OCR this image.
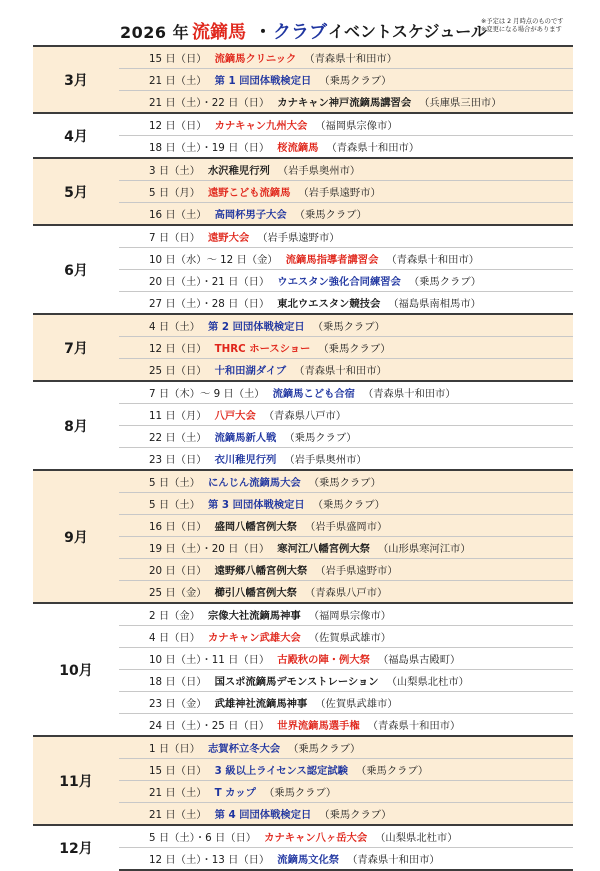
2026 年 流鏑馬 ・ クラブ イベントスケジュール
※予定は 2 月時点のものです
※変更になる場合があります
3月	15 日（日） 流鏑馬クリニック （青森県十和田市）
	21 日（土） 第 1 回団体戦検定日 （乗馬クラブ）
	21 日（土）・22 日（日） カナキャン神戸流鏑馬講習会 （兵庫県三田市）
4月	12 日（日） カナキャン九州大会 （福岡県宗像市）
	18 日（土）・19 日（日） 桜流鏑馬 （青森県十和田市）
5月	3 日（土） 水沢稚児行列 （岩手県奥州市）
	5 日（月） 遠野こども流鏑馬 （岩手県遠野市）
	16 日（土） 高岡杯男子大会 （乗馬クラブ）
6月	7 日（日） 遠野大会 （岩手県遠野市）
	10 日（水）～ 12 日（金） 流鏑馬指導者講習会 （青森県十和田市）
	20 日（土）・21 日（日） ウエスタン強化合同練習会 （乗馬クラブ）
	27 日（土）・28 日（日） 東北ウエスタン競技会 （福島県南相馬市）
7月	4 日（土） 第 2 回団体戦検定日 （乗馬クラブ）
	12 日（日） THRC ホースショー （乗馬クラブ）
	25 日（日） 十和田湖ダイブ （青森県十和田市）
8月	7 日（木）～ 9 日（土） 流鏑馬こども合宿 （青森県十和田市）
	11 日（月） 八戸大会 （青森県八戸市）
	22 日（土） 流鏑馬新人戦 （乗馬クラブ）
	23 日（日） 衣川稚児行列 （岩手県奥州市）
9月	5 日（土） にんじん流鏑馬大会 （乗馬クラブ）
	5 日（土） 第 3 回団体戦検定日 （乗馬クラブ）
	16 日（日） 盛岡八幡宮例大祭 （岩手県盛岡市）
	19 日（土）・20 日（日） 寒河江八幡宮例大祭 （山形県寒河江市）
	20 日（日） 遠野郷八幡宮例大祭 （岩手県遠野市）
	25 日（金） 櫛引八幡宮例大祭 （青森県八戸市）
10月	2 日（金） 宗像大社流鏑馬神事 （福岡県宗像市）
	4 日（日） カナキャン武雄大会 （佐賀県武雄市）
	10 日（土）・11 日（日） 古殿秋の陣・例大祭 （福島県古殿町）
	18 日（日） 国スポ流鏑馬デモンストレーション （山梨県北杜市）
	23 日（金） 武雄神社流鏑馬神事 （佐賀県武雄市）
	24 日（土）・25 日（日） 世界流鏑馬選手権 （青森県十和田市）
11月	1 日（日） 志賀杯立冬大会 （乗馬クラブ）
	15 日（日） 3 級以上ライセンス認定試験 （乗馬クラブ）
	21 日（土） T カップ （乗馬クラブ）
	21 日（土） 第 4 回団体戦検定日 （乗馬クラブ）
12月	5 日（土）・6 日（日） カナキャン八ヶ岳大会 （山梨県北杜市）
	12 日（土）・13 日（日） 流鏑馬文化祭 （青森県十和田市）
